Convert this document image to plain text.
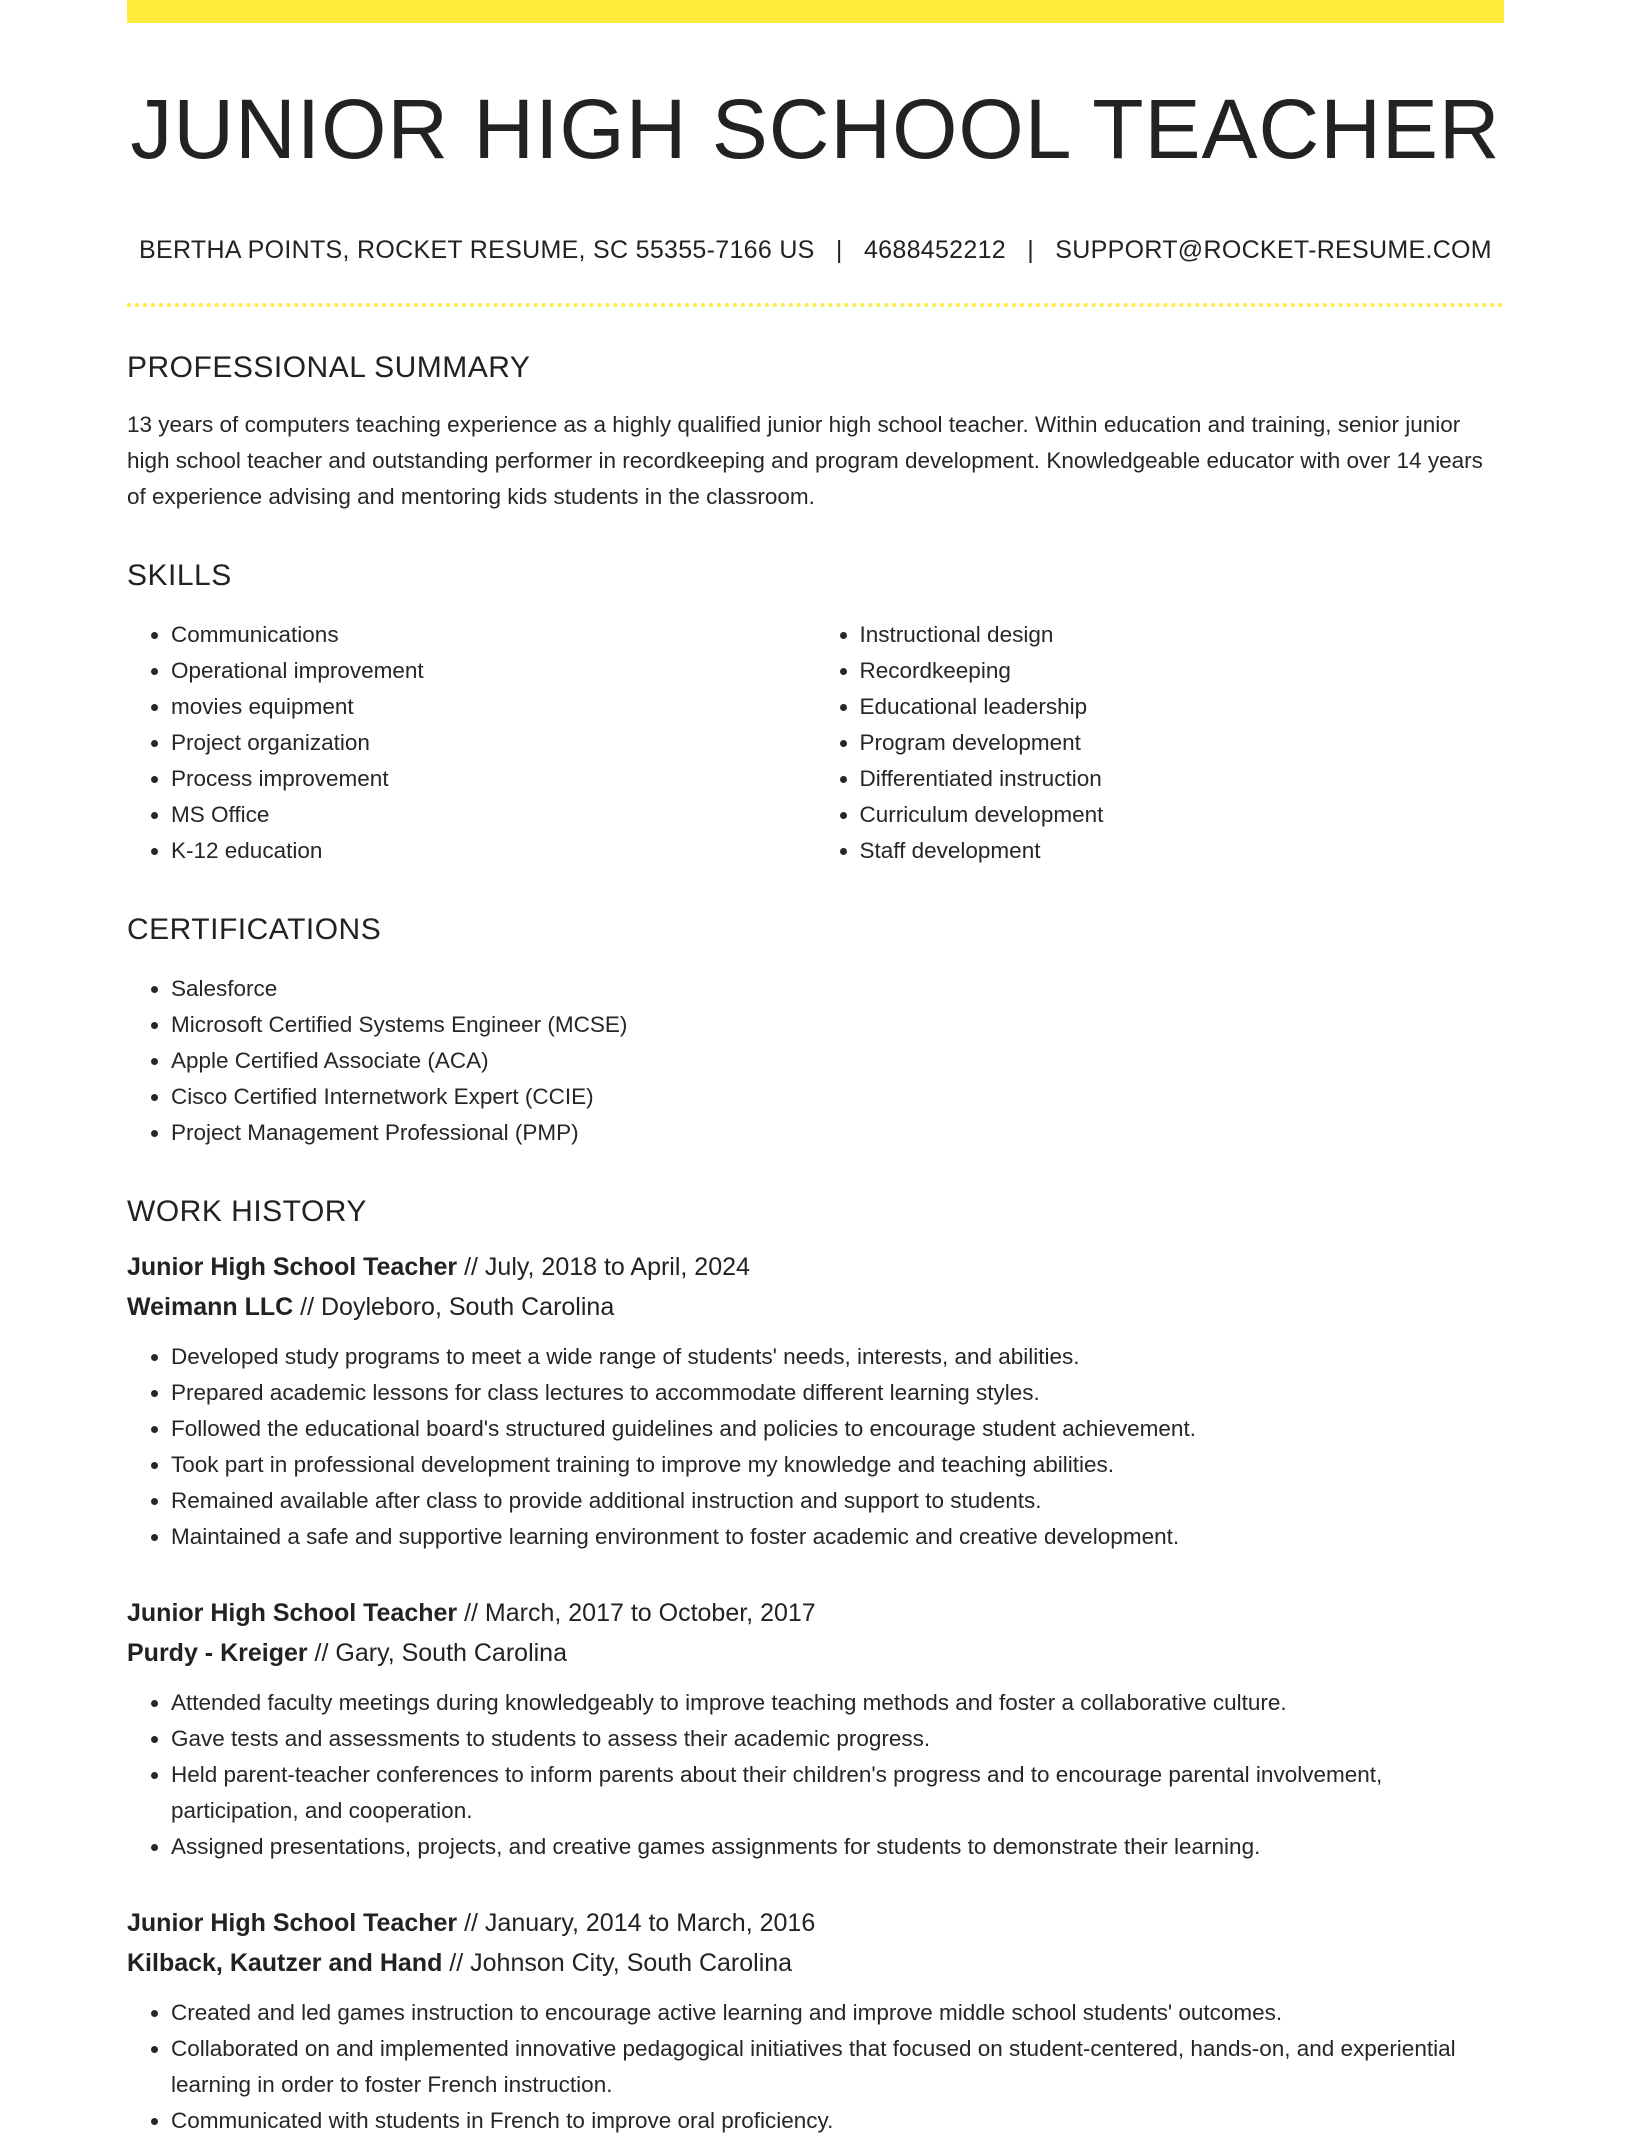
JUNIOR HIGH SCHOOL TEACHER
BERTHA POINTS, ROCKET RESUME, SC 55355-7166 US | 4688452212 | SUPPORT@ROCKET-RESUME.COM
PROFESSIONAL SUMMARY
13 years of computers teaching experience as a highly qualified junior high school teacher. Within education and training, senior junior high school teacher and outstanding performer in recordkeeping and program development. Knowledgeable educator with over 14 years of experience advising and mentoring kids students in the classroom.
SKILLS
• Communications
• Operational improvement
• movies equipment
• Project organization
• Process improvement
• MS Office
• K-12 education
• Instructional design
• Recordkeeping
• Educational leadership
• Program development
• Differentiated instruction
• Curriculum development
• Staff development
CERTIFICATIONS
• Salesforce
• Microsoft Certified Systems Engineer (MCSE)
• Apple Certified Associate (ACA)
• Cisco Certified Internetwork Expert (CCIE)
• Project Management Professional (PMP)
WORK HISTORY
Junior High School Teacher // July, 2018 to April, 2024
Weimann LLC // Doyleboro, South Carolina
• Developed study programs to meet a wide range of students' needs, interests, and abilities.
• Prepared academic lessons for class lectures to accommodate different learning styles.
• Followed the educational board's structured guidelines and policies to encourage student achievement.
• Took part in professional development training to improve my knowledge and teaching abilities.
• Remained available after class to provide additional instruction and support to students.
• Maintained a safe and supportive learning environment to foster academic and creative development.
Junior High School Teacher // March, 2017 to October, 2017
Purdy - Kreiger // Gary, South Carolina
• Attended faculty meetings during knowledgeably to improve teaching methods and foster a collaborative culture.
• Gave tests and assessments to students to assess their academic progress.
• Held parent-teacher conferences to inform parents about their children's progress and to encourage parental involvement, participation, and cooperation.
• Assigned presentations, projects, and creative games assignments for students to demonstrate their learning.
Junior High School Teacher // January, 2014 to March, 2016
Kilback, Kautzer and Hand // Johnson City, South Carolina
• Created and led games instruction to encourage active learning and improve middle school students' outcomes.
• Collaborated on and implemented innovative pedagogical initiatives that focused on student-centered, hands-on, and experiential learning in order to foster French instruction.
• Communicated with students in French to improve oral proficiency.
